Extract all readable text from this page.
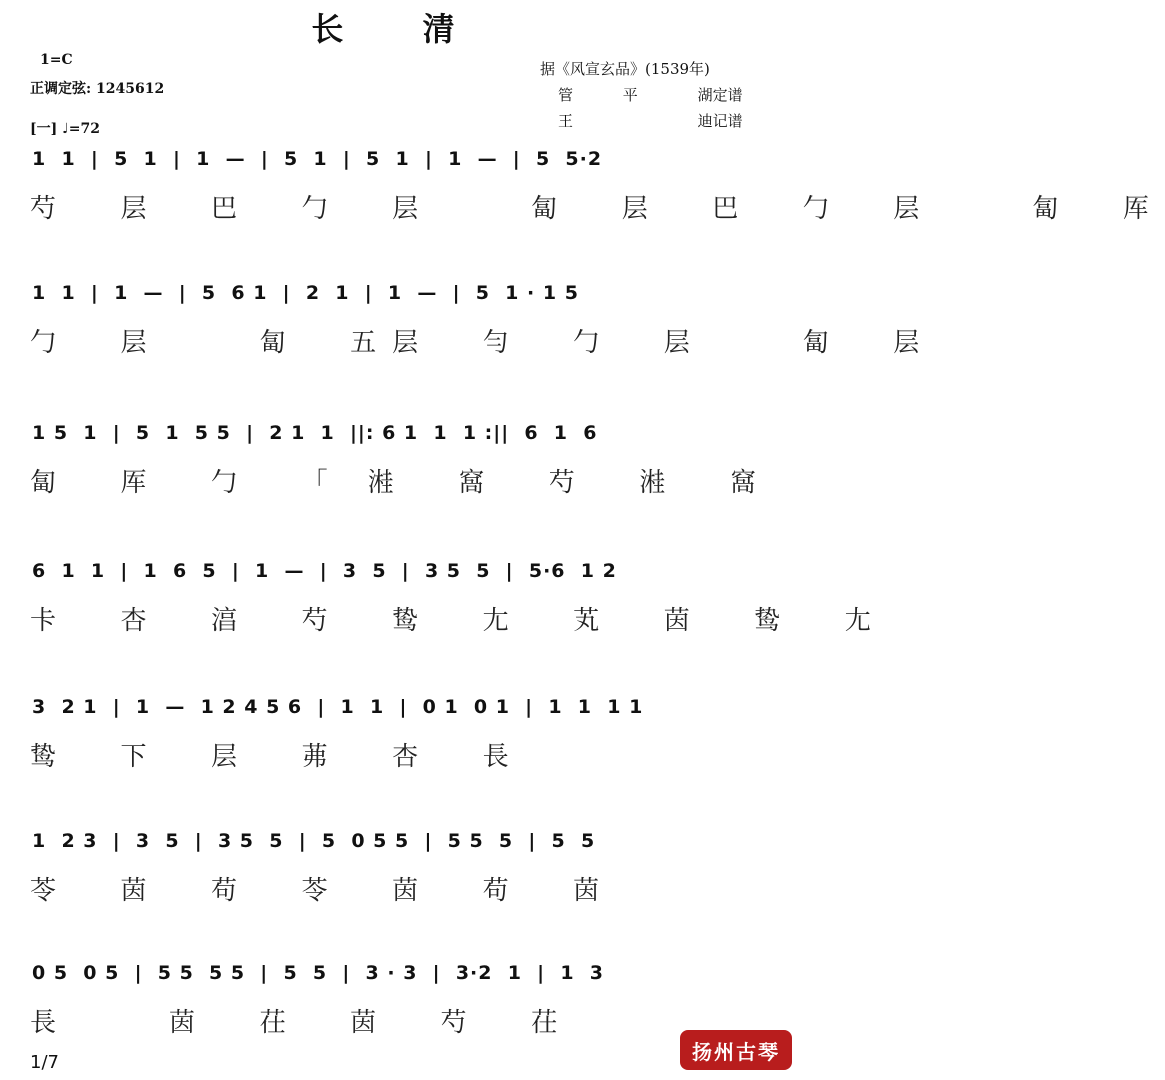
长 清
1=C
正调定弦: 1245612
[一] ♩=72
据《风宣玄品》(1539年)
管	平	湖定谱
王	迪记谱
1  1  |  5  1  |  1  —  |  5  1  |  5  1  |  1  —  |  5  5·2
芍  层  巴  勹  层    匐  层  巴  勹  层    匐  厍
1  1  |  1  —  |  5  6 1  |  2  1  |  1  —  |  5  1 · 1 5
勹  层    匐  五层  勻  勹  层    匐  层
1 5  1  |  5  1  5 5  |  2 1  1  ||: 6 1  1  1 :||  6  1  6
匐  厍  勹  「 溎  窩  芍  溎  窩
6  1  1  |  1  6  5  |  1  —  |  3  5  |  3 5  5  |  5·6  1 2
卡  杏  湻  芍  鸷  尢  芄  茵  鸷  尢
3  2 1  |  1  —  1 2 4 5 6  |  1  1  |  0 1  0 1  |  1  1  1 1
鸷  下  层  茀  杏  長
1  2 3  |  3  5  |  3 5  5  |  5  0 5 5  |  5 5  5  |  5  5
苓  茵  苟  苓  茵  苟  茵
0 5  0 5  |  5 5  5 5  |  5  5  |  3 · 3  |  3·2  1  |  1  3
長    茵  茌  茵  芍  茌
1/7	扬州古琴
